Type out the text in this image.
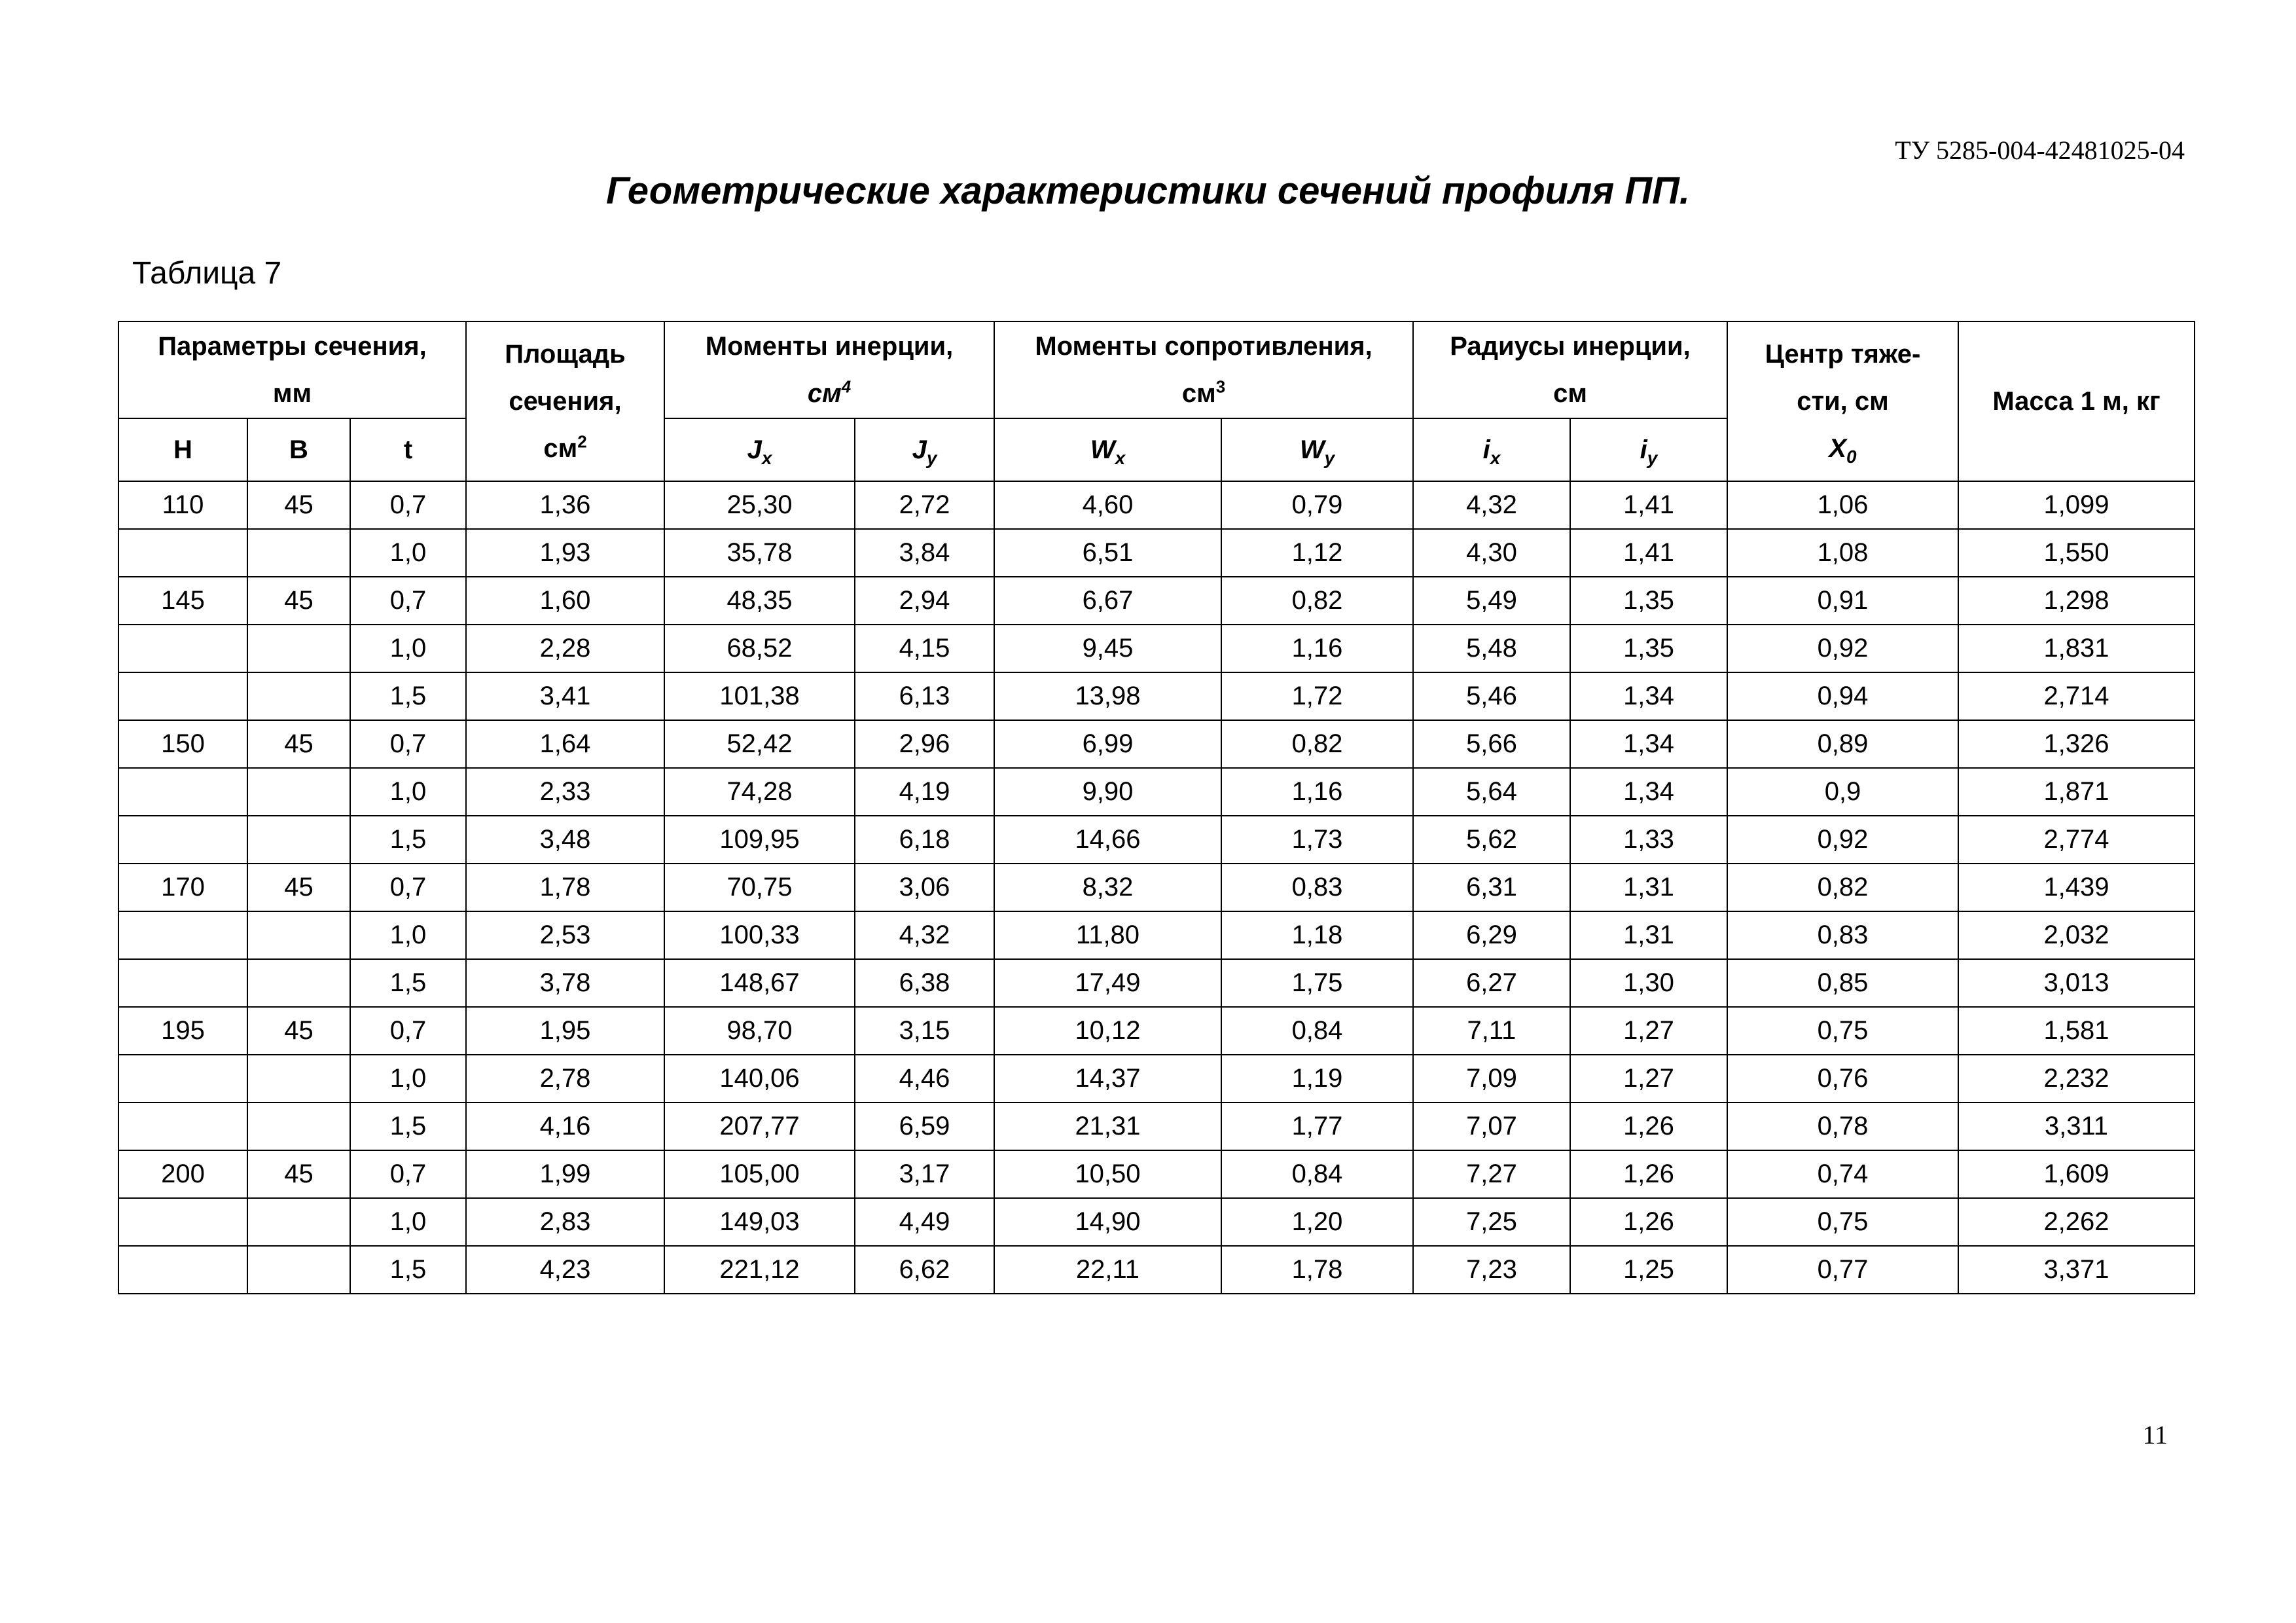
ТУ 5285-004-42481025-04
Геометрические характеристики сечений профиля ПП.
Таблица 7
Параметры сечения,
мм			Площадь
сечения,
$см^2$	Моменты инерции,
$см^4$		Моменты сопротивления,
$см^3$		Радиусы инерции,
см		Центр тяже-
сти, см
$X_0$	Масса 1 м, кг
H	B	t		$J_x$	$J_y$	$W_x$	$W_y$	$i_x$	$i_y$
110	45	0,7	1,36	25,30	2,72	4,60	0,79	4,32	1,41	1,06	1,099
		1,0	1,93	35,78	3,84	6,51	1,12	4,30	1,41	1,08	1,550
145	45	0,7	1,60	48,35	2,94	6,67	0,82	5,49	1,35	0,91	1,298
		1,0	2,28	68,52	4,15	9,45	1,16	5,48	1,35	0,92	1,831
		1,5	3,41	101,38	6,13	13,98	1,72	5,46	1,34	0,94	2,714
150	45	0,7	1,64	52,42	2,96	6,99	0,82	5,66	1,34	0,89	1,326
		1,0	2,33	74,28	4,19	9,90	1,16	5,64	1,34	0,9	1,871
		1,5	3,48	109,95	6,18	14,66	1,73	5,62	1,33	0,92	2,774
170	45	0,7	1,78	70,75	3,06	8,32	0,83	6,31	1,31	0,82	1,439
		1,0	2,53	100,33	4,32	11,80	1,18	6,29	1,31	0,83	2,032
		1,5	3,78	148,67	6,38	17,49	1,75	6,27	1,30	0,85	3,013
195	45	0,7	1,95	98,70	3,15	10,12	0,84	7,11	1,27	0,75	1,581
		1,0	2,78	140,06	4,46	14,37	1,19	7,09	1,27	0,76	2,232
		1,5	4,16	207,77	6,59	21,31	1,77	7,07	1,26	0,78	3,311
200	45	0,7	1,99	105,00	3,17	10,50	0,84	7,27	1,26	0,74	1,609
		1,0	2,83	149,03	4,49	14,90	1,20	7,25	1,26	0,75	2,262
		1,5	4,23	221,12	6,62	22,11	1,78	7,23	1,25	0,77	3,371
11
